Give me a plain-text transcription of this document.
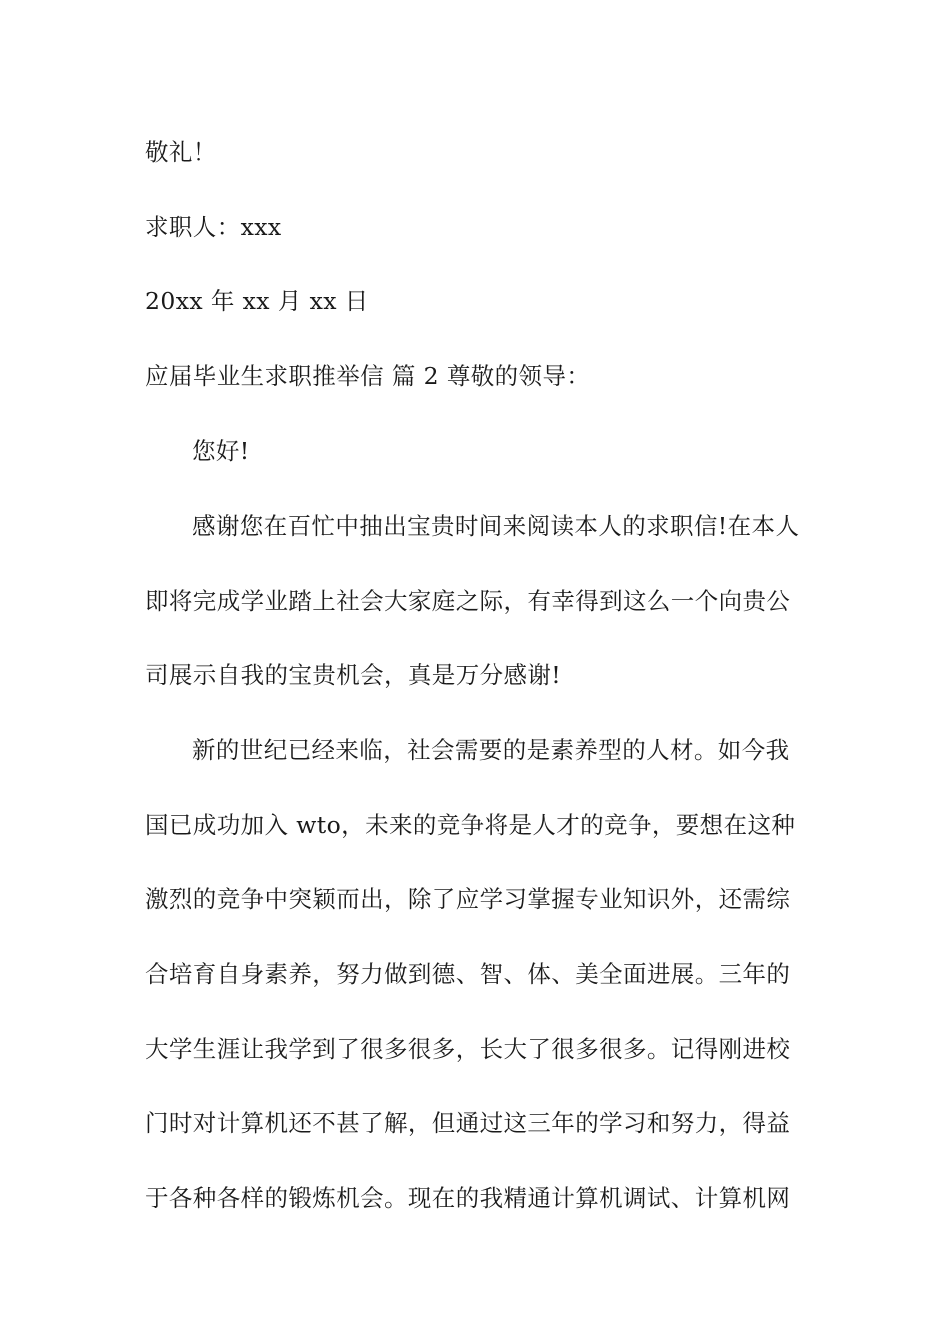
敬礼！
求职人：xxx
20xx 年 xx 月 xx 日
应届毕业生求职推举信 篇 2 尊敬的领导：
您好!
感谢您在百忙中抽出宝贵时间来阅读本人的求职信!在本人
即将完成学业踏上社会大家庭之际，有幸得到这么一个向贵公
司展示自我的宝贵机会，真是万分感谢!
新的世纪已经来临，社会需要的是素养型的人材。如今我
国已成功加入 wto，未来的竞争将是人才的竞争，要想在这种
激烈的竞争中突颖而出，除了应学习掌握专业知识外，还需综
合培育自身素养，努力做到德、智、体、美全面进展。三年的
大学生涯让我学到了很多很多，长大了很多很多。记得刚进校
门时对计算机还不甚了解，但通过这三年的学习和努力，得益
于各种各样的锻炼机会。现在的我精通计算机调试、计算机网
